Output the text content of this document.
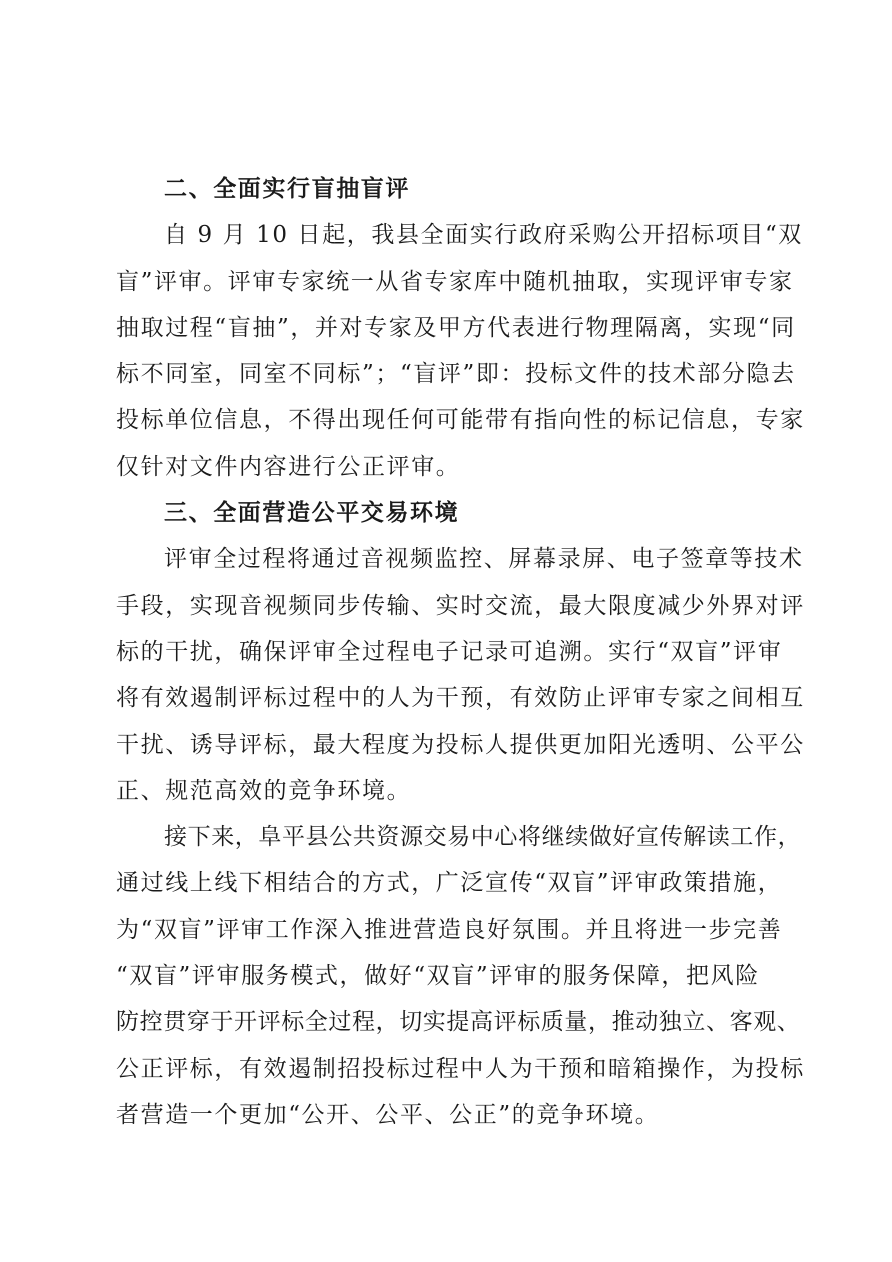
二、全面实行盲抽盲评
自 9 月 10 日起，我县全面实行政府采购公开招标项目“双
盲”评审。评审专家统一从省专家库中随机抽取，实现评审专家
抽取过程“盲抽”，并对专家及甲方代表进行物理隔离，实现“同
标不同室，同室不同标”；“盲评”即：投标文件的技术部分隐去
投标单位信息，不得出现任何可能带有指向性的标记信息，专家
仅针对文件内容进行公正评审。
三、全面营造公平交易环境
评审全过程将通过音视频监控、屏幕录屏、电子签章等技术
手段，实现音视频同步传输、实时交流，最大限度减少外界对评
标的干扰，确保评审全过程电子记录可追溯。实行“双盲”评审
将有效遏制评标过程中的人为干预，有效防止评审专家之间相互
干扰、诱导评标，最大程度为投标人提供更加阳光透明、公平公
正、规范高效的竞争环境。
接下来，阜平县公共资源交易中心将继续做好宣传解读工作，
通过线上线下相结合的方式，广泛宣传“双盲”评审政策措施，
为“双盲”评审工作深入推进营造良好氛围。并且将进一步完善
“双盲”评审服务模式，做好“双盲”评审的服务保障，把风险
防控贯穿于开评标全过程，切实提高评标质量，推动独立、客观、
公正评标，有效遏制招投标过程中人为干预和暗箱操作，为投标
者营造一个更加“公开、公平、公正”的竞争环境。
